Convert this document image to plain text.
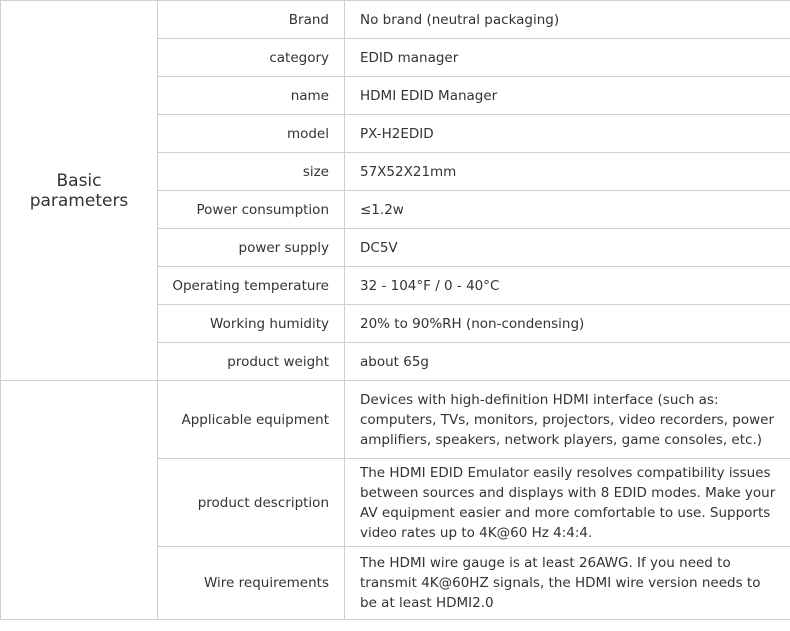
Basic parameters	Brand	No brand (neutral packaging)
	category	EDID manager
	name	HDMI EDID Manager
	model	PX-H2EDID
	size	57X52X21mm
	Power consumption	≤1.2w
	power supply	DC5V
	Operating temperature	32 - 104°F / 0 - 40°C
	Working humidity	20% to 90%RH (non-condensing)
	product weight	about 65g
	Applicable equipment	Devices with high-definition HDMI interface (such as: computers, TVs, monitors, projectors, video recorders, power amplifiers, speakers, network players, game consoles, etc.)
	product description	The HDMI EDID Emulator easily resolves compatibility issues between sources and displays with 8 EDID modes. Make your AV equipment easier and more comfortable to use. Supports video rates up to 4K@60 Hz 4:4:4.
	Wire requirements	The HDMI wire gauge is at least 26AWG. If you need to transmit 4K@60HZ signals, the HDMI wire version needs to be at least HDMI2.0
